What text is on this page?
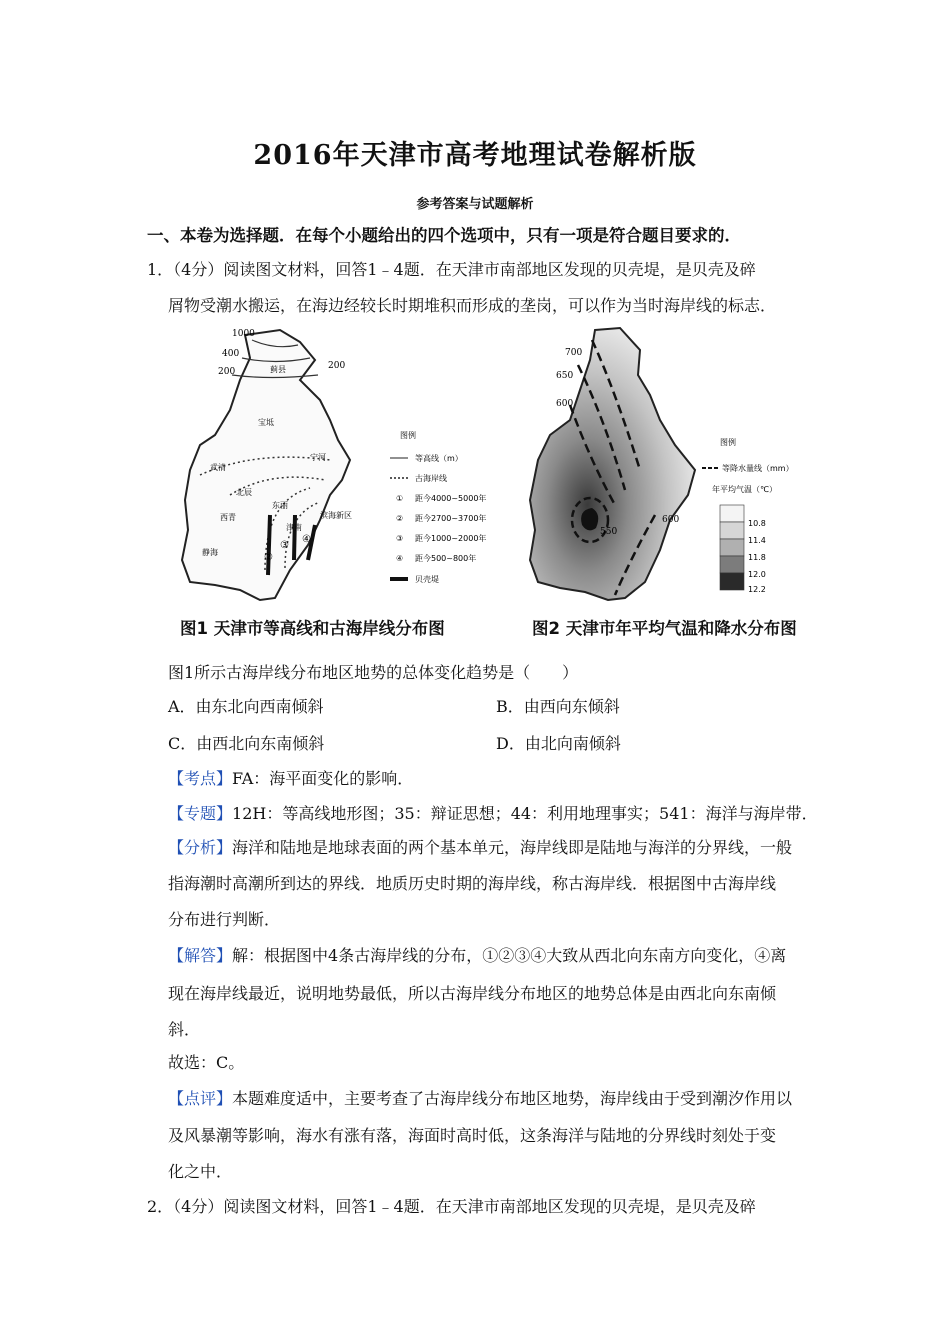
2016年天津市高考地理试卷解析版
参考答案与试题解析
一、本卷为选择题．在每个小题给出的四个选项中，只有一项是符合题目要求的．
1．（4分）阅读图文材料，回答1﹣4题．在天津市南部地区发现的贝壳堤，是贝壳及碎
屑物受潮水搬运，在海边经较长时期堆积而形成的垄岗，可以作为当时海岸线的标志．
1000
400
200
200
蓟县
宝坻
武清
宁河
北辰
西青
东丽
津南
静海
滨海新区
②
③
④
图例
等高线（m）
古海岸线
① 距今4000~5000年
② 距今2700~3700年
③ 距今1000~2000年
④ 距今500~800年
贝壳堤
图1 天津市等高线和古海岸线分布图
700
650
600
550
600
图例
等降水量线（mm）
年平均气温（℃）
10.8
11.4
11.8
12.0
12.2
图2 天津市年平均气温和降水分布图
图1所示古海岸线分布地区地势的总体变化趋势是（　　）
A．由东北向西南倾斜	B．由西向东倾斜
C．由西北向东南倾斜	D．由北向南倾斜
【考点】FA：海平面变化的影响．
【专题】12H：等高线地形图；35：辩证思想；44：利用地理事实；541：海洋与海岸带．
【分析】海洋和陆地是地球表面的两个基本单元，海岸线即是陆地与海洋的分界线，一般
指海潮时高潮所到达的界线．地质历史时期的海岸线，称古海岸线．根据图中古海岸线
分布进行判断．
【解答】解：根据图中4条古海岸线的分布，①②③④大致从西北向东南方向变化，④离
现在海岸线最近，说明地势最低，所以古海岸线分布地区的地势总体是由西北向东南倾
斜．
故选：C。
【点评】本题难度适中，主要考查了古海岸线分布地区地势，海岸线由于受到潮汐作用以
及风暴潮等影响，海水有涨有落，海面时高时低，这条海洋与陆地的分界线时刻处于变
化之中．
2．（4分）阅读图文材料，回答1﹣4题．在天津市南部地区发现的贝壳堤，是贝壳及碎
